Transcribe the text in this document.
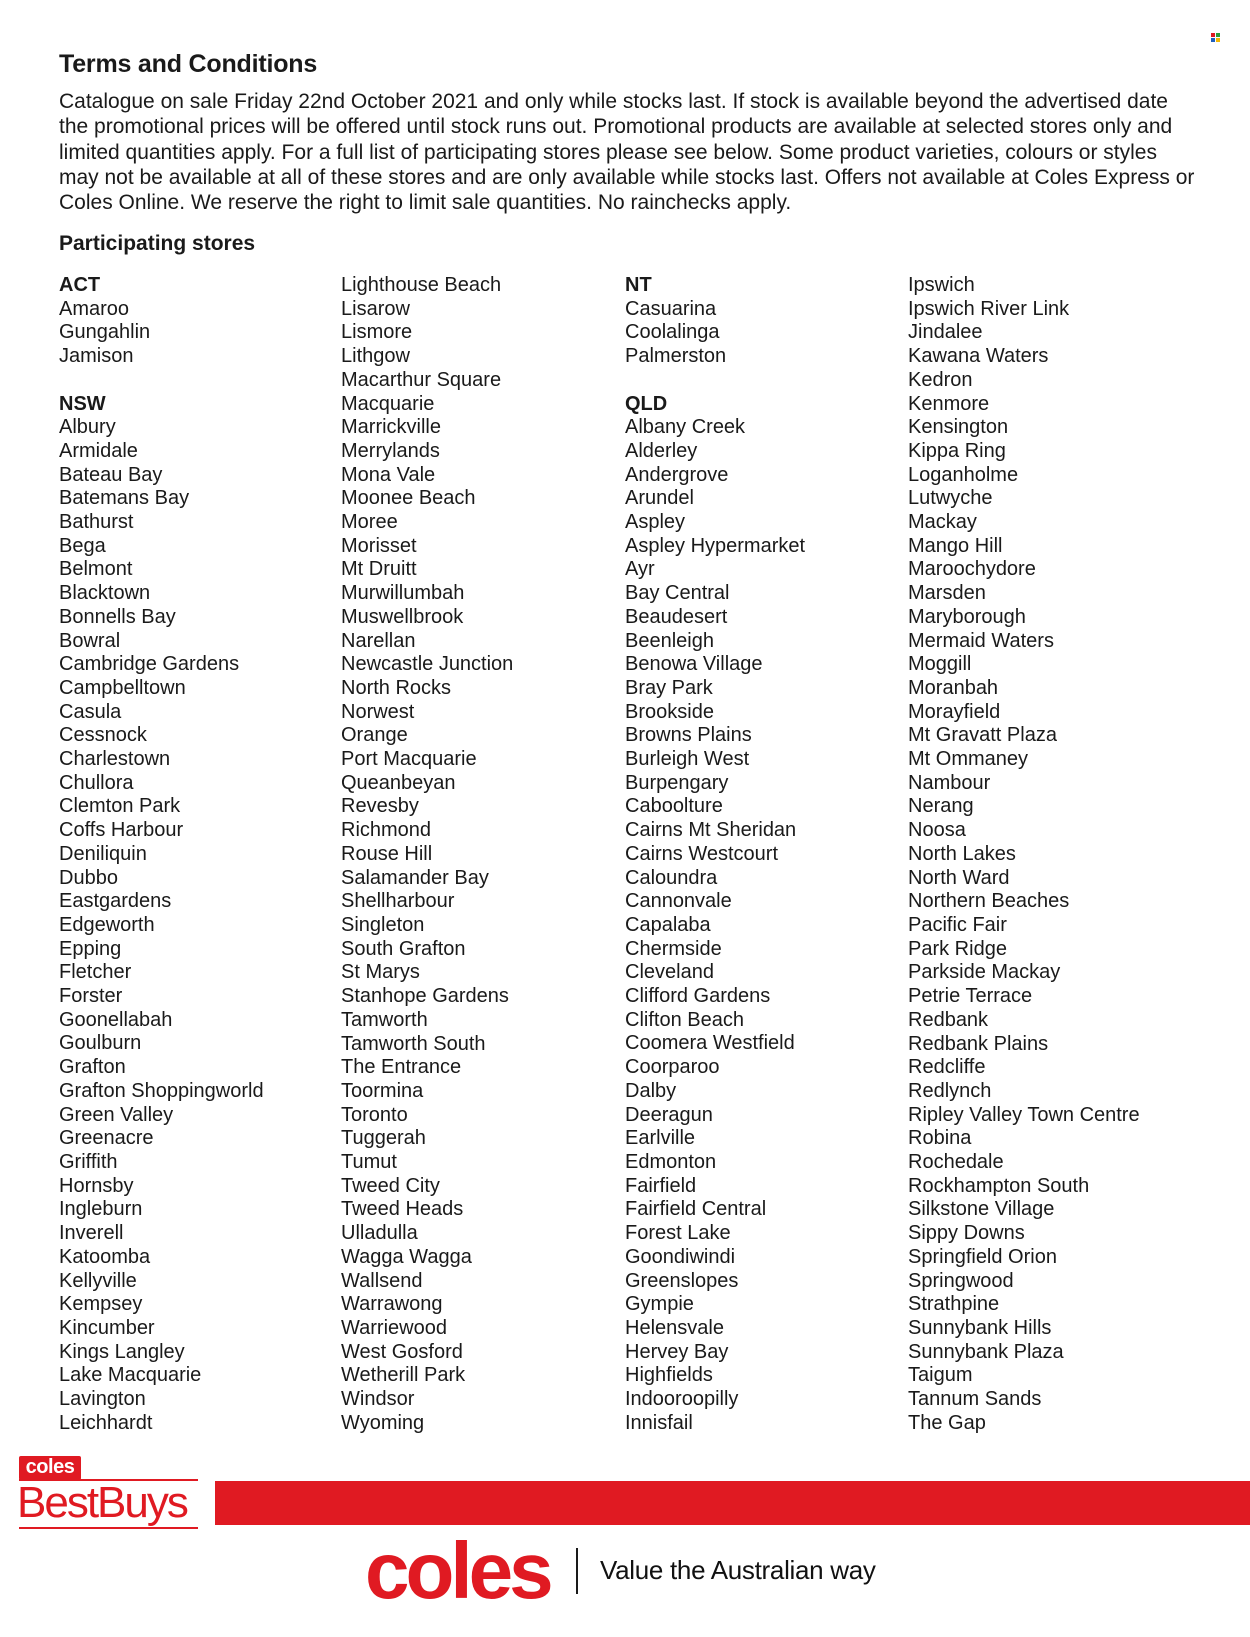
Terms and Conditions

Catalogue on sale Friday 22nd October 2021 and only while stocks last. If stock is available beyond the advertised date the promotional prices will be offered until stock runs out. Promotional products are available at selected stores only and limited quantities apply. For a full list of participating stores please see below. Some product varieties, colours or styles may not be available at all of these stores and are only available while stocks last. Offers not available at Coles Express or Coles Online. We reserve the right to limit sale quantities. No rainchecks apply.

Participating stores
ACT
Amaroo
Gungahlin
Jamison
NSW
Albury
Armidale
Bateau Bay
Batemans Bay
Bathurst
Bega
Belmont
Blacktown
Bonnells Bay
Bowral
Cambridge Gardens
Campbelltown
Casula
Cessnock
Charlestown
Chullora
Clemton Park
Coffs Harbour
Deniliquin
Dubbo
Eastgardens
Edgeworth
Epping
Fletcher
Forster
Goonellabah
Goulburn
Grafton
Grafton Shoppingworld
Green Valley
Greenacre
Griffith
Hornsby
Ingleburn
Inverell
Katoomba
Kellyville
Kempsey
Kincumber
Kings Langley
Lake Macquarie
Lavington
Leichhardt
Lighthouse Beach
Lisarow
Lismore
Lithgow
Macarthur Square
Macquarie
Marrickville
Merrylands
Mona Vale
Moonee Beach
Moree
Morisset
Mt Druitt
Murwillumbah
Muswellbrook
Narellan
Newcastle Junction
North Rocks
Norwest
Orange
Port Macquarie
Queanbeyan
Revesby
Richmond
Rouse Hill
Salamander Bay
Shellharbour
Singleton
South Grafton
St Marys
Stanhope Gardens
Tamworth
Tamworth South
The Entrance
Toormina
Toronto
Tuggerah
Tumut
Tweed City
Tweed Heads
Ulladulla
Wagga Wagga
Wallsend
Warrawong
Warriewood
West Gosford
Wetherill Park
Windsor
Wyoming
NT
Casuarina
Coolalinga
Palmerston
QLD
Albany Creek
Alderley
Andergrove
Arundel
Aspley
Aspley Hypermarket
Ayr
Bay Central
Beaudesert
Beenleigh
Benowa Village
Bray Park
Brookside
Browns Plains
Burleigh West
Burpengary
Caboolture
Cairns Mt Sheridan
Cairns Westcourt
Caloundra
Cannonvale
Capalaba
Chermside
Cleveland
Clifford Gardens
Clifton Beach
Coomera Westfield
Coorparoo
Dalby
Deeragun
Earlville
Edmonton
Fairfield
Fairfield Central
Forest Lake
Goondiwindi
Greenslopes
Gympie
Helensvale
Hervey Bay
Highfields
Indooroopilly
Innisfail
Ipswich
Ipswich River Link
Jindalee
Kawana Waters
Kedron
Kenmore
Kensington
Kippa Ring
Loganholme
Lutwyche
Mackay
Mango Hill
Maroochydore
Marsden
Maryborough
Mermaid Waters
Moggill
Moranbah
Morayfield
Mt Gravatt Plaza
Mt Ommaney
Nambour
Nerang
Noosa
North Lakes
North Ward
Northern Beaches
Pacific Fair
Park Ridge
Parkside Mackay
Petrie Terrace
Redbank
Redbank Plains
Redcliffe
Redlynch
Ripley Valley Town Centre
Robina
Rochedale
Rockhampton South
Silkstone Village
Sippy Downs
Springfield Orion
Springwood
Strathpine
Sunnybank Hills
Sunnybank Plaza
Taigum
Tannum Sands
The Gap
coles
BestBuys
coles Value the Australian way
